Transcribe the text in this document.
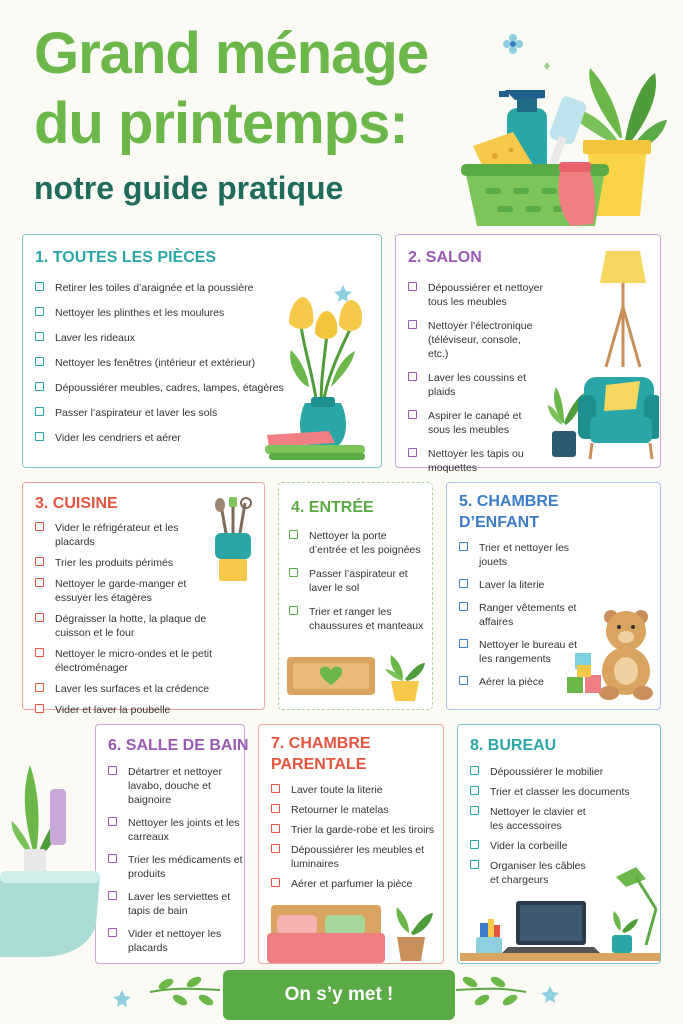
Grand ménage
du printemps:
notre guide pratique
1. TOUTES LES PIÈCES
Retirer les toiles d’araignée et la poussière
Nettoyer les plinthes et les moulures
Laver les rideaux
Nettoyer les fenêtres (intérieur et extérieur)
Dépoussiérer meubles, cadres, lampes, étagères
Passer l’aspirateur et laver les sols
Vider les cendriers et aérer
2. SALON
Dépoussiérer et nettoyer tous les meubles
Nettoyer l’électronique (téléviseur, console, etc.)
Laver les coussins et plaids
Aspirer le canapé et sous les meubles
Nettoyer les tapis ou moquettes
3. CUISINE
Vider le réfrigérateur et les placards
Trier les produits périmés
Nettoyer le garde-manger et essuyer les étagères
Dégraisser la hotte, la plaque de cuisson et le four
Nettoyer le micro-ondes et le petit électroménager
Laver les surfaces et la crédence
Vider et laver la poubelle
4. ENTRÉE
Nettoyer la porte d’entrée et les poignées
Passer l’aspirateur et laver le sol
Trier et ranger les chaussures et manteaux
5. CHAMBRE D’ENFANT
Trier et nettoyer les jouets
Laver la literie
Ranger vêtements et affaires
Nettoyer le bureau et les rangements
Aérer la pièce
6. SALLE DE BAIN
Détartrer et nettoyer lavabo, douche et baignoire
Nettoyer les joints et les carreaux
Trier les médicaments et produits
Laver les serviettes et tapis de bain
Vider et nettoyer les placards
7. CHAMBRE PARENTALE
Laver toute la literie
Retourner le matelas
Trier la garde-robe et les tiroirs
Dépoussiérer les meubles et luminaires
Aérer et parfumer la pièce
8. BUREAU
Dépoussiérer le mobilier
Trier et classer les documents
Nettoyer le clavier et les accessoires
Vider la corbeille
Organiser les câbles et chargeurs
On s’y met !
